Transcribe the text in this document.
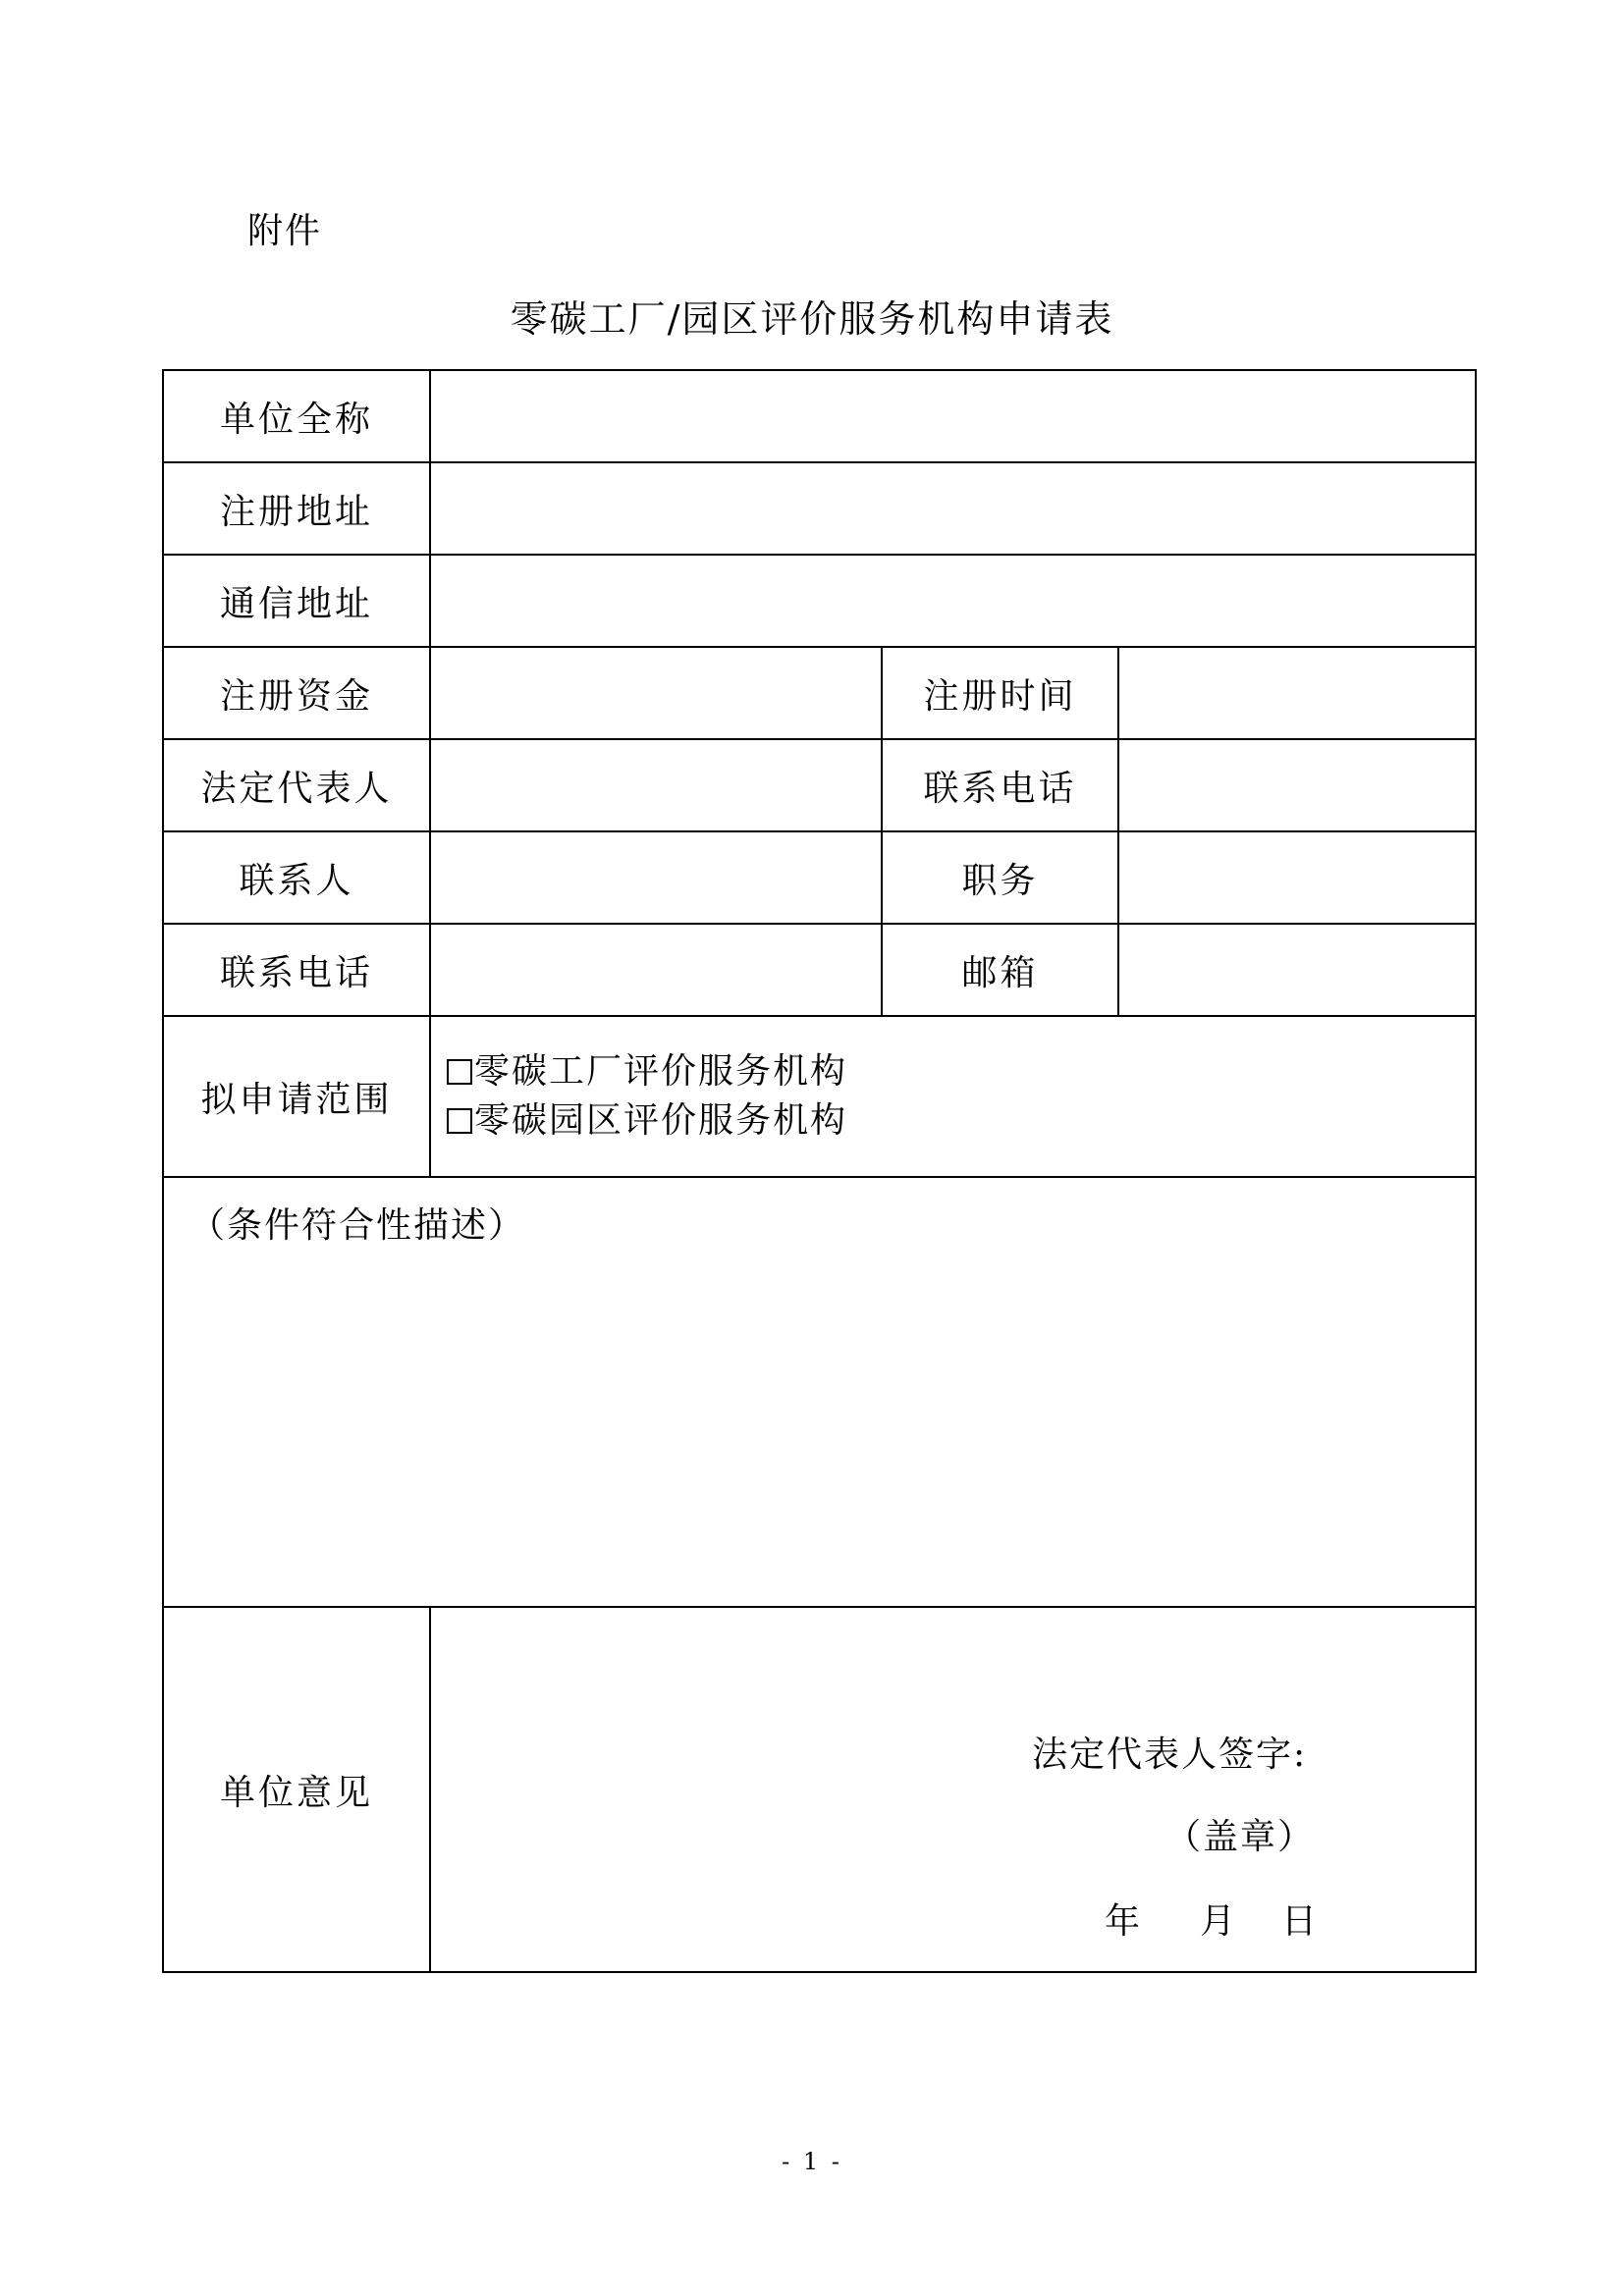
附件
零碳工厂/园区评价服务机构申请表
单位全称			
注册地址			
通信地址			
注册资金		注册时间	
法定代表人		联系电话	
联系人		职务	
联系电话		邮箱	
拟申请范围	零碳工厂评价服务机构
零碳园区评价服务机构		

（条件符合性描述）			
单位意见	法定代表人签字:
（盖章）
年 月 日		
- 1 -
